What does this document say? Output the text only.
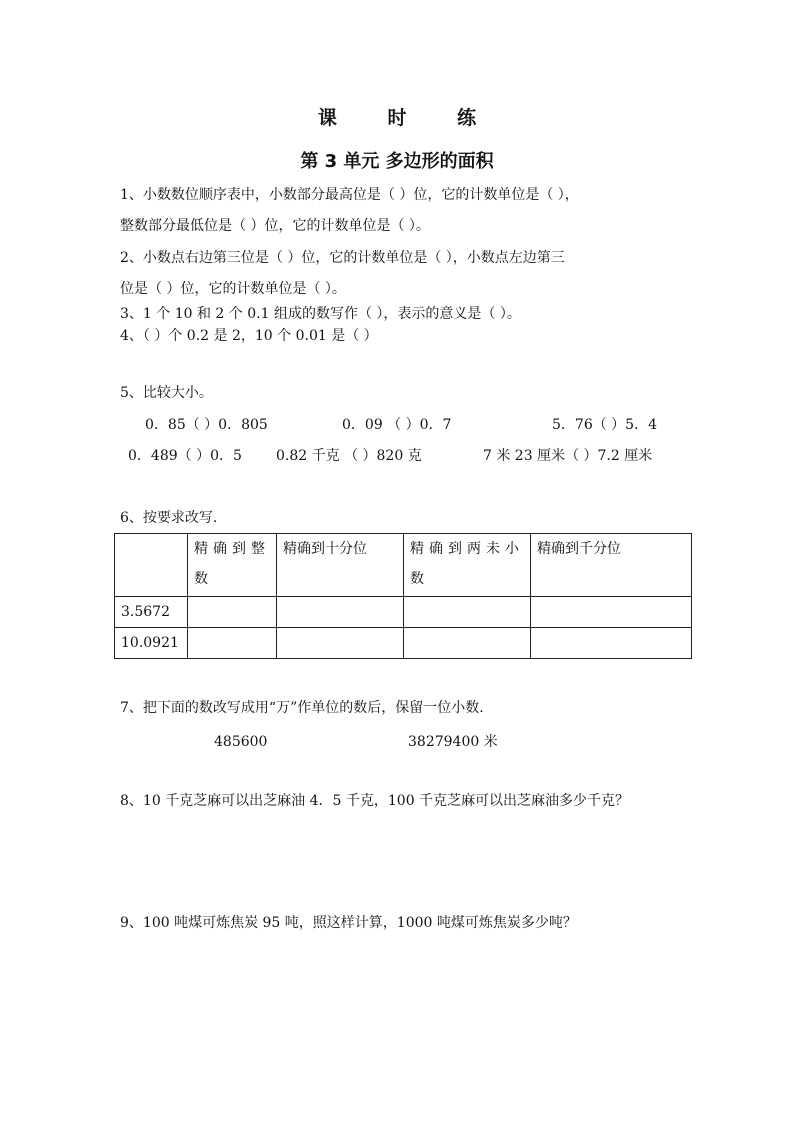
课 时 练
第 3 单元 多边形的面积
1、小数数位顺序表中，小数部分最高位是（ ）位，它的计数单位是（ ），
整数部分最低位是（ ）位，它的计数单位是（ ）。
2、小数点右边第三位是（ ）位，它的计数单位是（ ），小数点左边第三
位是（ ）位，它的计数单位是（ ）。
3、1 个 10 和 2 个 0.1 组成的数写作（ ），表示的意义是（ ）。
4、（ ）个 0.2 是 2，10 个 0.01 是（ ）
5、比较大小。
0．85（ ）0．805	0．09 （ ）0．7	5．76（ ）5．4
0．489（ ）0．5 0.82 千克 （ ）820 克	7 米 23 厘米（ ）7.2 厘米
6、按要求改写.
	精确到整数	精确到十分位	精确到两未小数	精确到千分位
3.5672				
10.0921				
7、把下面的数改写成用“万”作单位的数后，保留一位小数.
485600	38279400 米
8、10 千克芝麻可以出芝麻油 4．5 千克，100 千克芝麻可以出芝麻油多少千克？
9、100 吨煤可炼焦炭 95 吨，照这样计算，1000 吨煤可炼焦炭多少吨？
